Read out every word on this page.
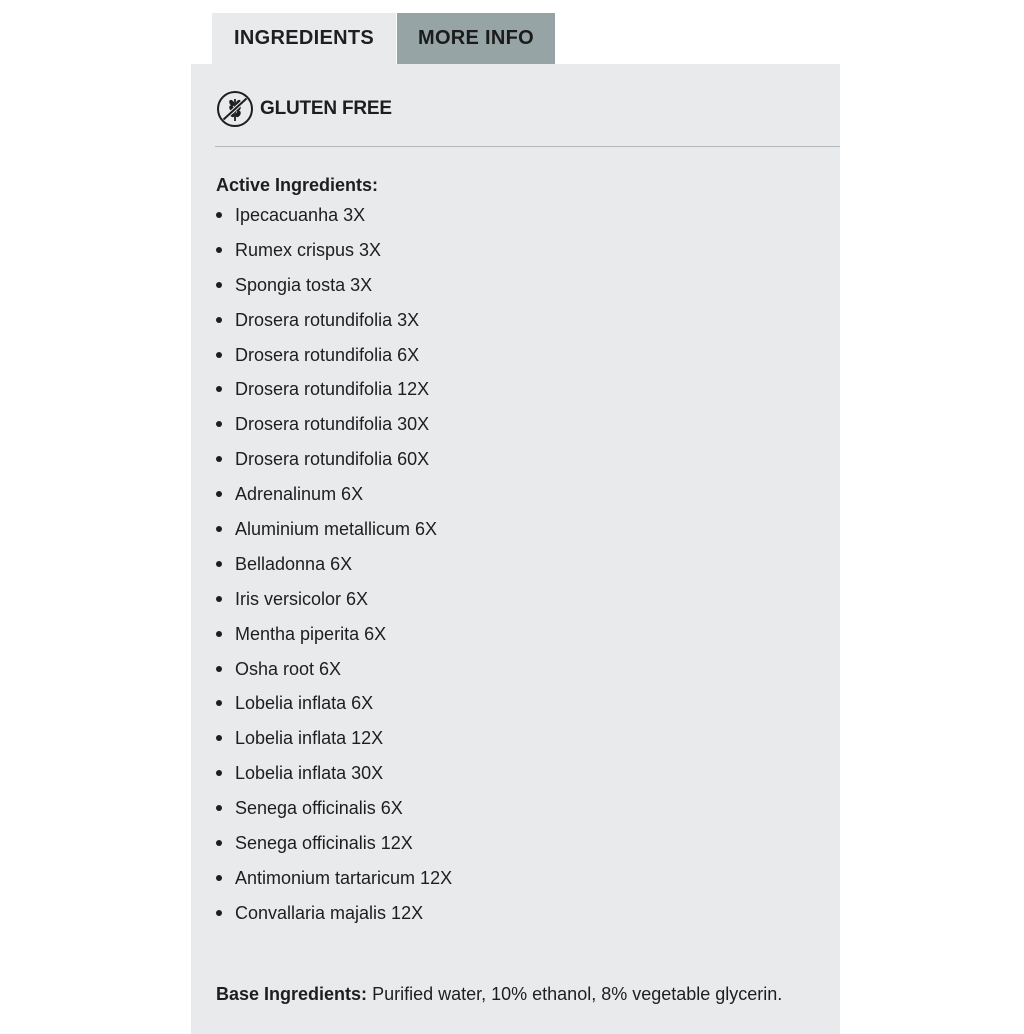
INGREDIENTS	MORE INFO
GLUTEN FREE
Active Ingredients:
Ipecacuanha 3X
Rumex crispus 3X
Spongia tosta 3X
Drosera rotundifolia 3X
Drosera rotundifolia 6X
Drosera rotundifolia 12X
Drosera rotundifolia 30X
Drosera rotundifolia 60X
Adrenalinum 6X
Aluminium metallicum 6X
Belladonna 6X
Iris versicolor 6X
Mentha piperita 6X
Osha root 6X
Lobelia inflata 6X
Lobelia inflata 12X
Lobelia inflata 30X
Senega officinalis 6X
Senega officinalis 12X
Antimonium tartaricum 12X
Convallaria majalis 12X
Base Ingredients: Purified water, 10% ethanol, 8% vegetable glycerin.
